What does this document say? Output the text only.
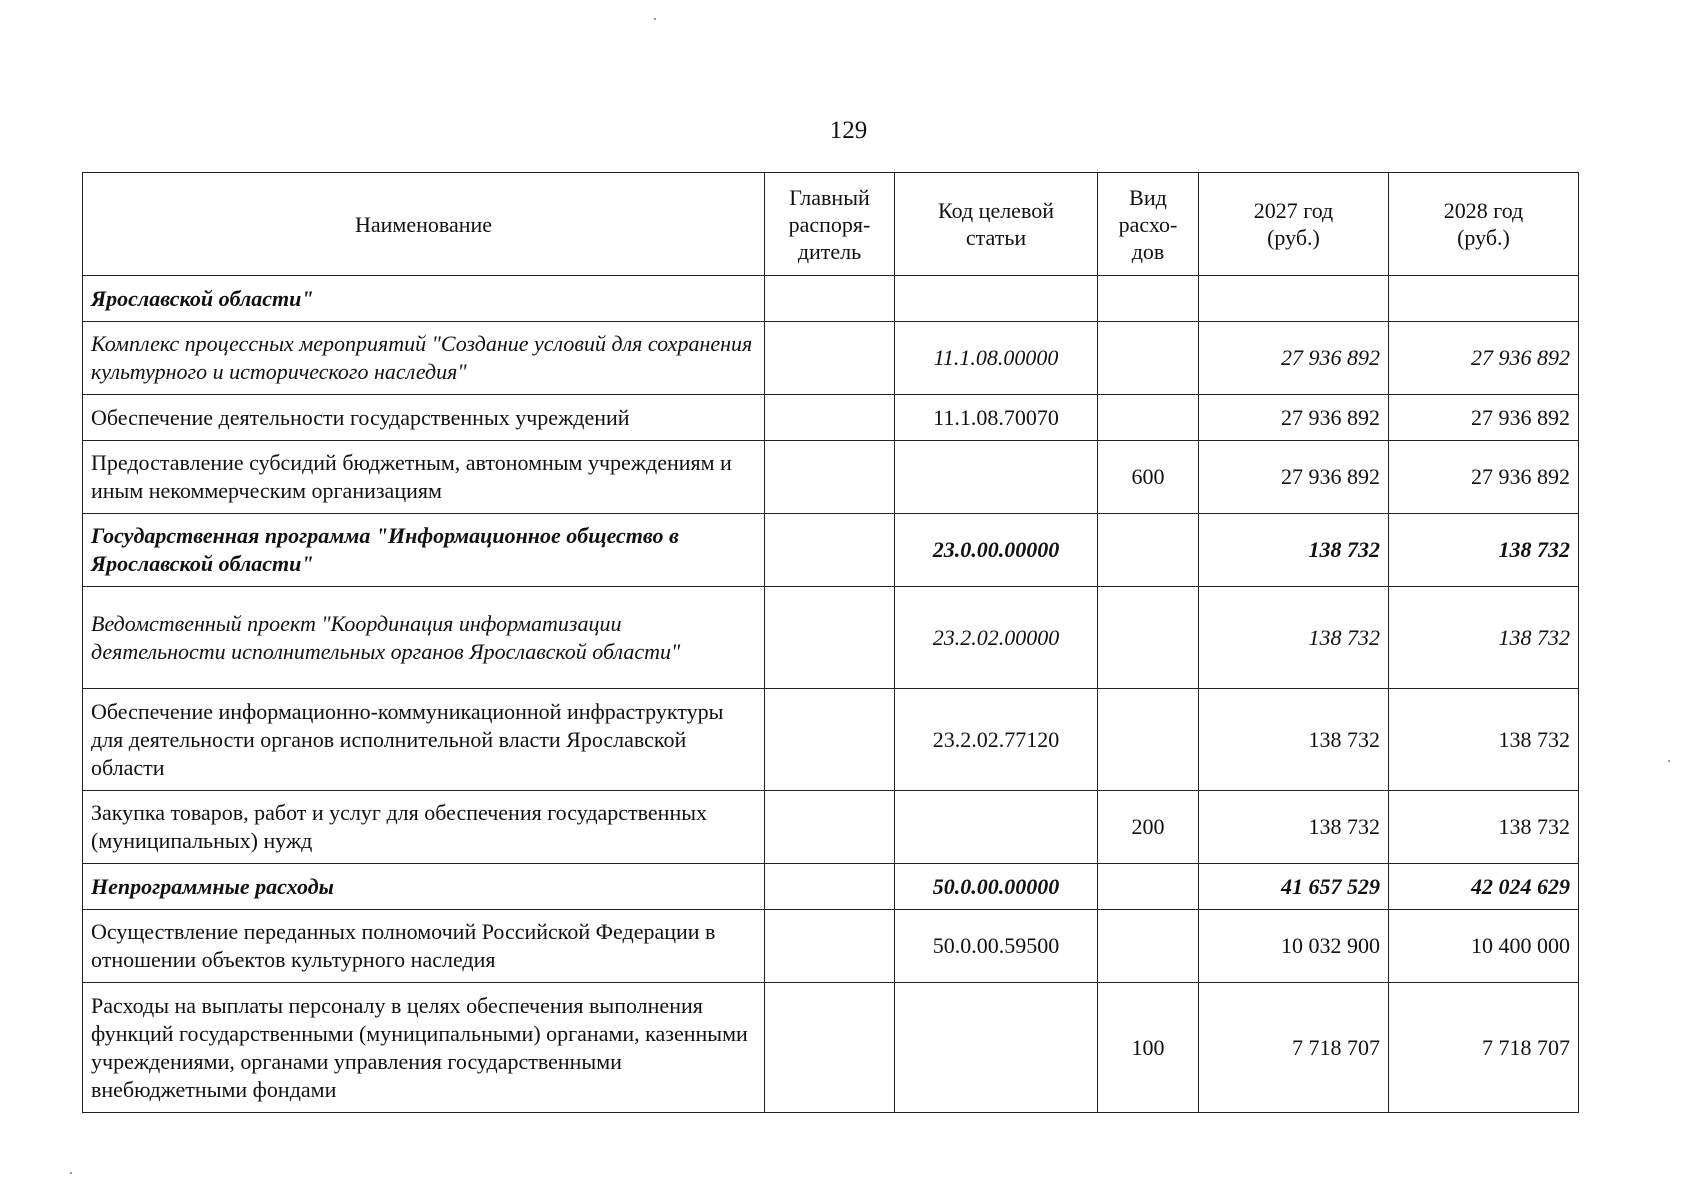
129
Наименование	Главный распоря-дитель	Код целевой статьи	Вид расхо-дов	2027 год (руб.)	2028 год (руб.)
Ярославской области"					
Комплекс процессных мероприятий "Создание условий для сохранения культурного и исторического наследия"		11.1.08.00000		27 936 892	27 936 892
Обеспечение деятельности государственных учреждений		11.1.08.70070		27 936 892	27 936 892
Предоставление субсидий бюджетным, автономным учреждениям и иным некоммерческим организациям			600	27 936 892	27 936 892
Государственная программа "Информационное общество в Ярославской области"		23.0.00.00000		138 732	138 732
Ведомственный проект "Координация информатизации деятельности исполнительных органов Ярославской области"		23.2.02.00000		138 732	138 732
Обеспечение информационно-коммуникационной инфраструктуры для деятельности органов исполнительной власти Ярославской области		23.2.02.77120		138 732	138 732
Закупка товаров, работ и услуг для обеспечения государственных (муниципальных) нужд			200	138 732	138 732
Непрограммные расходы		50.0.00.00000		41 657 529	42 024 629
Осуществление переданных полномочий Российской Федерации в отношении объектов культурного наследия		50.0.00.59500		10 032 900	10 400 000
Расходы на выплаты персоналу в целях обеспечения выполнения функций государственными (муниципальными) органами, казенными учреждениями, органами управления государственными внебюджетными фондами			100	7 718 707	7 718 707
